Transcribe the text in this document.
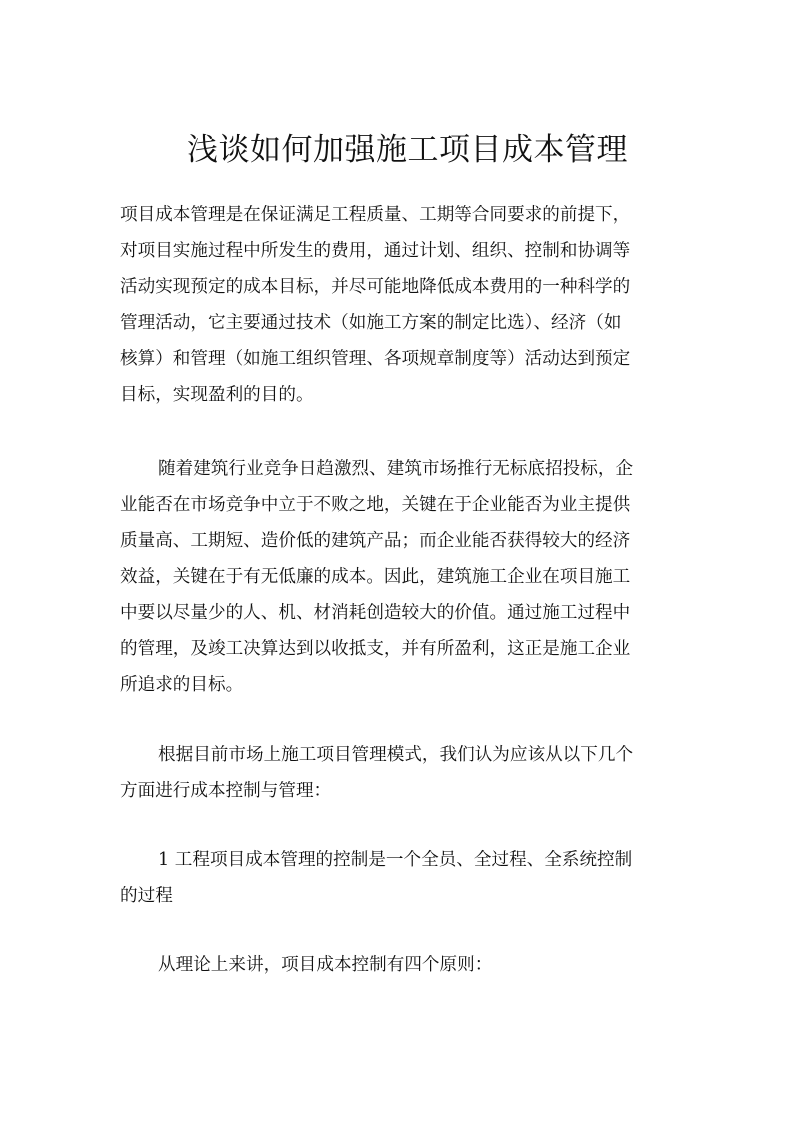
浅谈如何加强施工项目成本管理

项目成本管理是在保证满足工程质量、工期等合同要求的前提下，
对项目实施过程中所发生的费用，通过计划、组织、控制和协调等
活动实现预定的成本目标，并尽可能地降低成本费用的一种科学的
管理活动，它主要通过技术（如施工方案的制定比选）、经济（如
核算）和管理（如施工组织管理、各项规章制度等）活动达到预定
目标，实现盈利的目的。

随着建筑行业竞争日趋激烈、建筑市场推行无标底招投标，企
业能否在市场竞争中立于不败之地，关键在于企业能否为业主提供
质量高、工期短、造价低的建筑产品；而企业能否获得较大的经济
效益，关键在于有无低廉的成本。因此，建筑施工企业在项目施工
中要以尽量少的人、机、材消耗创造较大的价值。通过施工过程中
的管理，及竣工决算达到以收抵支，并有所盈利，这正是施工企业
所追求的目标。

根据目前市场上施工项目管理模式，我们认为应该从以下几个
方面进行成本控制与管理：

1 工程项目成本管理的控制是一个全员、全过程、全系统控制
的过程

从理论上来讲，项目成本控制有四个原则：
